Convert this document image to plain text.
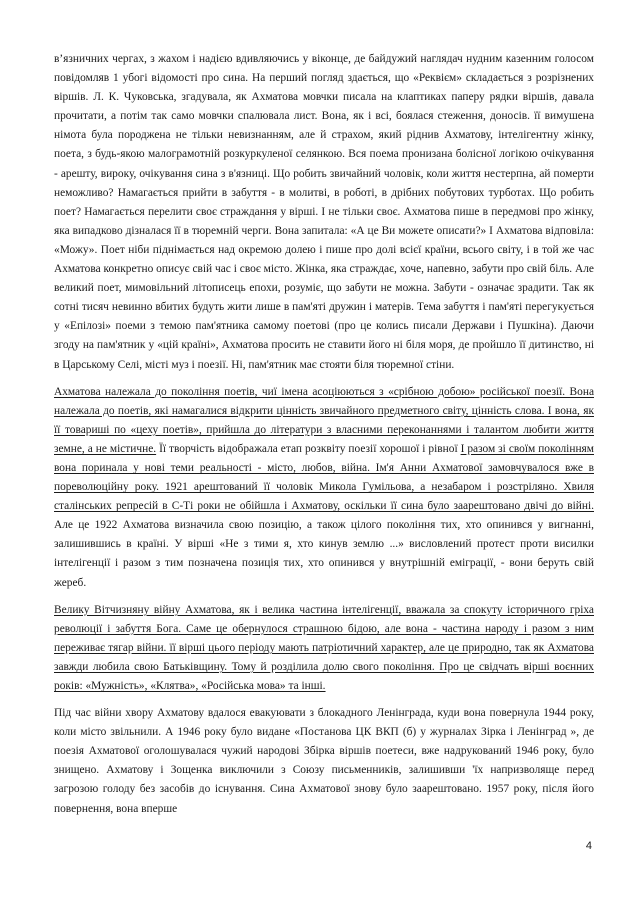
в’язничних чергах, з жахом і надією вдивляючись у віконце, де байдужий наглядач нудним казенним голосом повідомляв 1 убогі відомості про сина. На перший погляд здається, що «Реквієм» складається з розрізнених віршів. Л. К. Чуковська, згадувала, як Ахматова мовчки писала на клаптиках паперу рядки віршів, давала прочитати, а потім так само мовчки спалювала лист. Вона, як і всі, боялася стеження, доносів. її вимушена німота була породжена не тільки невизнанням, але й страхом, який ріднив Ахматову, інтелігентну жінку, поета, з будь-якою малограмотній розкуркуленої селянкою. Вся поема пронизана болісної логікою очікування - арешту, вироку, очікування сина з в'язниці. Що робить звичайний чоловік, коли життя нестерпна, ай померти неможливо? Намагається прийти в забуття - в молитві, в роботі, в дрібних побутових турботах. Що робить поет? Намагається перелити своє страждання у вірші. І не тільки своє. Ахматова пише в передмові про жінку, яка випадково дізналася її в тюремній черги. Вона запитала: «А це Ви можете описати?» І Ахматова відповіла: «Можу». Поет ніби піднімається над окремою долею і пише про долі всієї країни, всього світу, і в той же час Ахматова конкретно описує свій час і своє місто. Жінка, яка страждає, хоче, напевно, забути про свій біль. Але великий поет, мимовільний літописець епохи, розуміє, що забути не можна. Забути - означає зрадити. Так як сотні тисяч невинно вбитих будуть жити лише в пам'яті дружин і матерів. Тема забуття і пам'яті перегукується у «Епілозі» поеми з темою пам'ятника самому поетові (про це колись писали Держави і Пушкіна). Даючи згоду на пам'ятник у «цій країні», Ахматова просить не ставити його ні біля моря, де пройшло її дитинство, ні в Царському Селі, місті муз і поезії. Ні, пам'ятник має стояти біля тюремної стіни.

Ахматова належала до покоління поетів, чиї імена асоціюються з «срібною добою» російської поезії. Вона належала до поетів, які намагалися відкрити цінність звичайного предметного світу, цінність слова. І вона, як її товариші по «цеху поетів», прийшла до літератури з власними переконаннями і талантом любити життя земне, а не містичне. Її творчість відображала етап розквіту поезії хорошої і рівної І разом зі своїм поколінням вона поринала у нові теми реальності - місто, любов, війна. Ім'я Анни Ахматової замовчувалося вже в пореволюційну року. 1921 арештований її чоловік Микола Гумільова, а незабаром і розстріляно. Хвиля сталінських репресій в С-Ті роки не обійшла і Ахматову, оскільки її сина було заарештовано двічі до війні. Але це 1922 Ахматова визначила свою позицію, а також цілого покоління тих, хто опинився у вигнанні, залишившись в країні. У вірші «Не з тими я, хто кинув землю ...» висловлений протест проти висилки інтелігенції і разом з тим позначена позиція тих, хто опинився у внутрішній еміграції, - вони беруть свій жереб.

Велику Вітчизняну війну Ахматова, як і велика частина інтелігенції, вважала за спокуту історичного гріха революції і забуття Бога. Саме це обернулося страшною бідою, але вона - частина народу і разом з ним переживає тягар війни. її вірші цього періоду мають патріотичний характер, але це природно, так як Ахматова завжди любила свою Батьківщину. Тому й розділила долю свого покоління. Про це свідчать вірші воєнних років: «Мужність», «Клятва», «Російська мова» та інші.

Під час війни хвору Ахматову вдалося евакуювати з блокадного Ленінграда, куди вона повернула 1944 року, коли місто звільнили. А 1946 року було видане «Постанова ЦК ВКП (б) у журналах Зірка і Ленінград », де поезія Ахматової оголошувалася чужий народові Збірка віршів поетеси, вже надрукований 1946 року, було знищено. Ахматову і Зощенка виключили з Союзу письменників, залишивши 'їх напризволяще перед загрозою голоду без засобів до існування. Сина Ахматової знову було заарештовано. 1957 року, після його повернення, вона вперше

4
